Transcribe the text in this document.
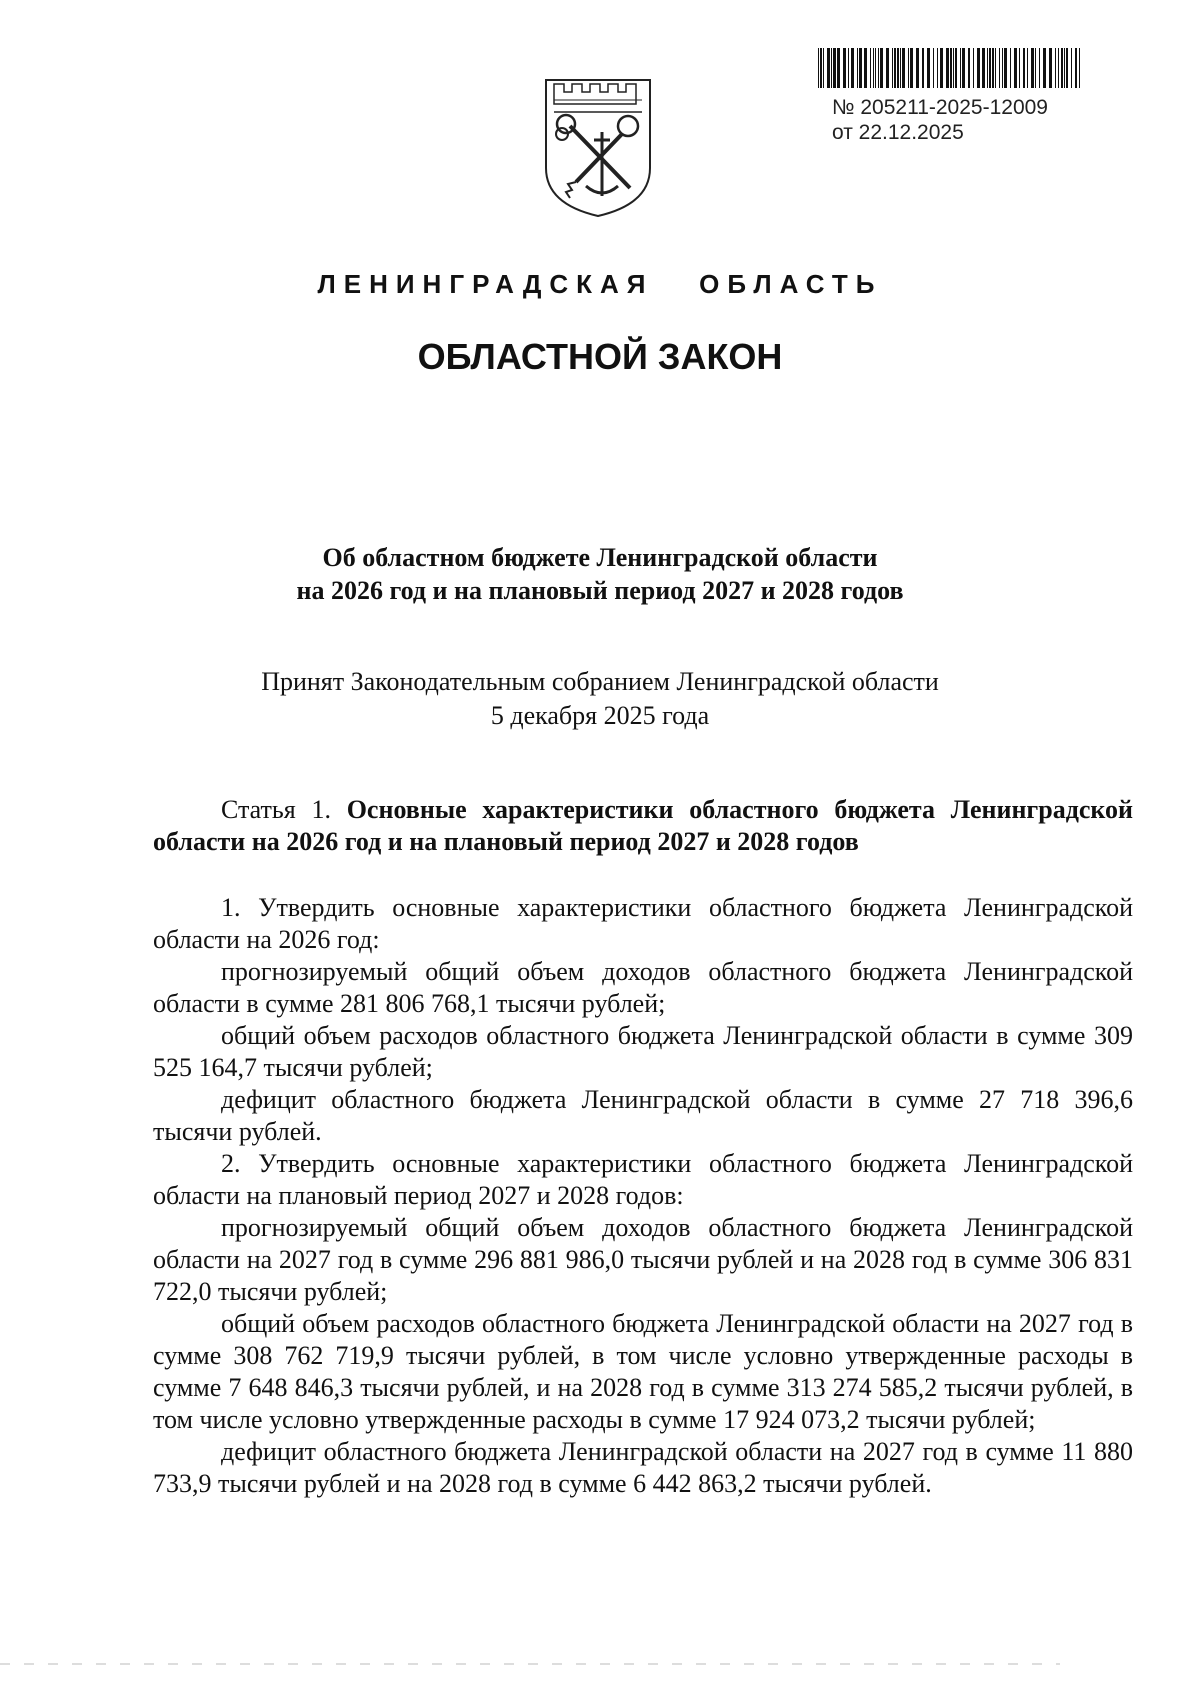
№ 205211-2025-12009
от 22.12.2025
ЛЕНИНГРАДСКАЯ   ОБЛАСТЬ
ОБЛАСТНОЙ ЗАКОН
Об областном бюджете Ленинградской области
на 2026 год и на плановый период 2027 и 2028 годов
Принят Законодательным собранием Ленинградской области
5 декабря 2025 года

Статья 1. Основные характеристики областного бюджета Ленинградской области на 2026 год и на плановый период 2027 и 2028 годов

1. Утвердить основные характеристики областного бюджета Ленинградской области на 2026 год:

прогнозируемый общий объем доходов областного бюджета Ленинградской области в сумме 281 806 768,1 тысячи рублей;

общий объем расходов областного бюджета Ленинградской области в сумме 309 525 164,7 тысячи рублей;

дефицит областного бюджета Ленинградской области в сумме 27 718 396,6 тысячи рублей.

2. Утвердить основные характеристики областного бюджета Ленинградской области на плановый период 2027 и 2028 годов:

прогнозируемый общий объем доходов областного бюджета Ленинградской области на 2027 год в сумме 296 881 986,0 тысячи рублей и на 2028 год в сумме 306 831 722,0 тысячи рублей;

общий объем расходов областного бюджета Ленинградской области на 2027 год в сумме 308 762 719,9 тысячи рублей, в том числе условно утвержденные расходы в сумме 7 648 846,3 тысячи рублей, и на 2028 год в сумме 313 274 585,2 тысячи рублей, в том числе условно утвержденные расходы в сумме 17 924 073,2 тысячи рублей;

дефицит областного бюджета Ленинградской области на 2027 год в сумме 11 880 733,9 тысячи рублей и на 2028 год в сумме 6 442 863,2 тысячи рублей.
